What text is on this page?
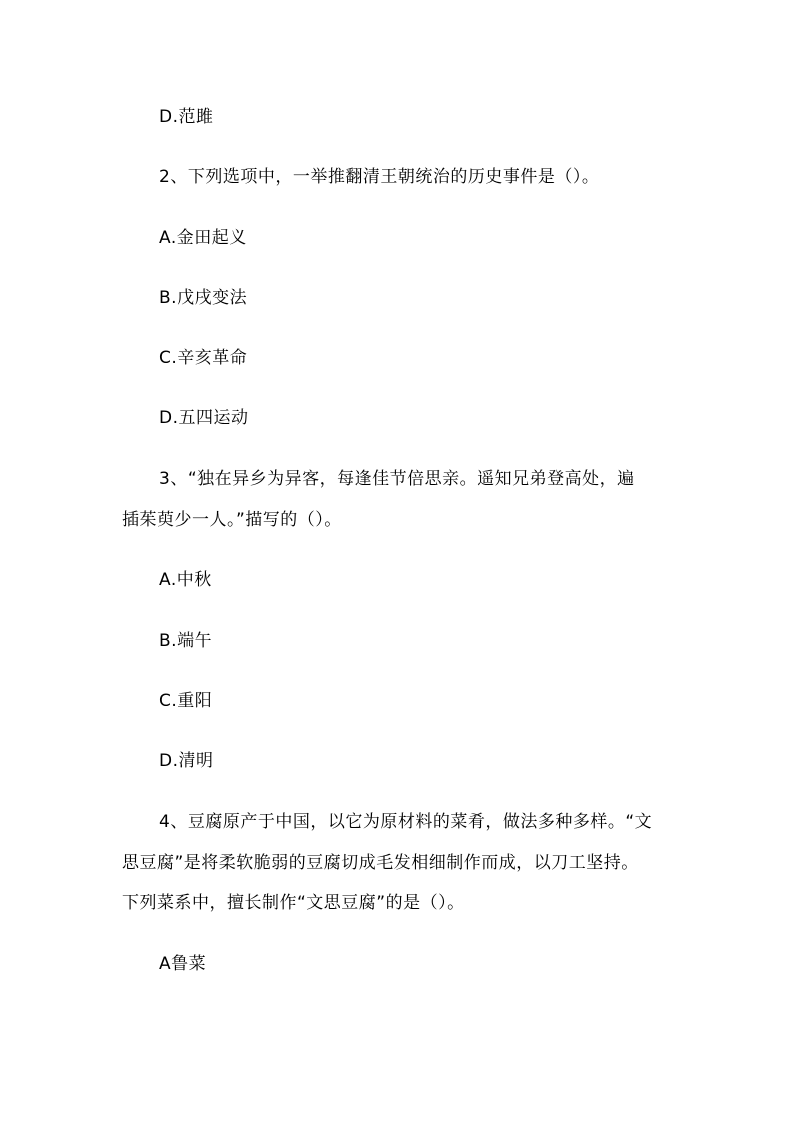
D.范雎
2、下列选项中，一举推翻清王朝统治的历史事件是（）。
A.金田起义
B.戊戌变法
C.辛亥革命
D.五四运动
3、“独在异乡为异客，每逢佳节倍思亲。遥知兄弟登高处，遍
插茱萸少一人。”描写的（）。
A.中秋
B.端午
C.重阳
D.清明
4、豆腐原产于中国，以它为原材料的菜肴，做法多种多样。“文
思豆腐”是将柔软脆弱的豆腐切成毛发相细制作而成，以刀工坚持。
下列菜系中，擅长制作“文思豆腐”的是（）。
A鲁菜
